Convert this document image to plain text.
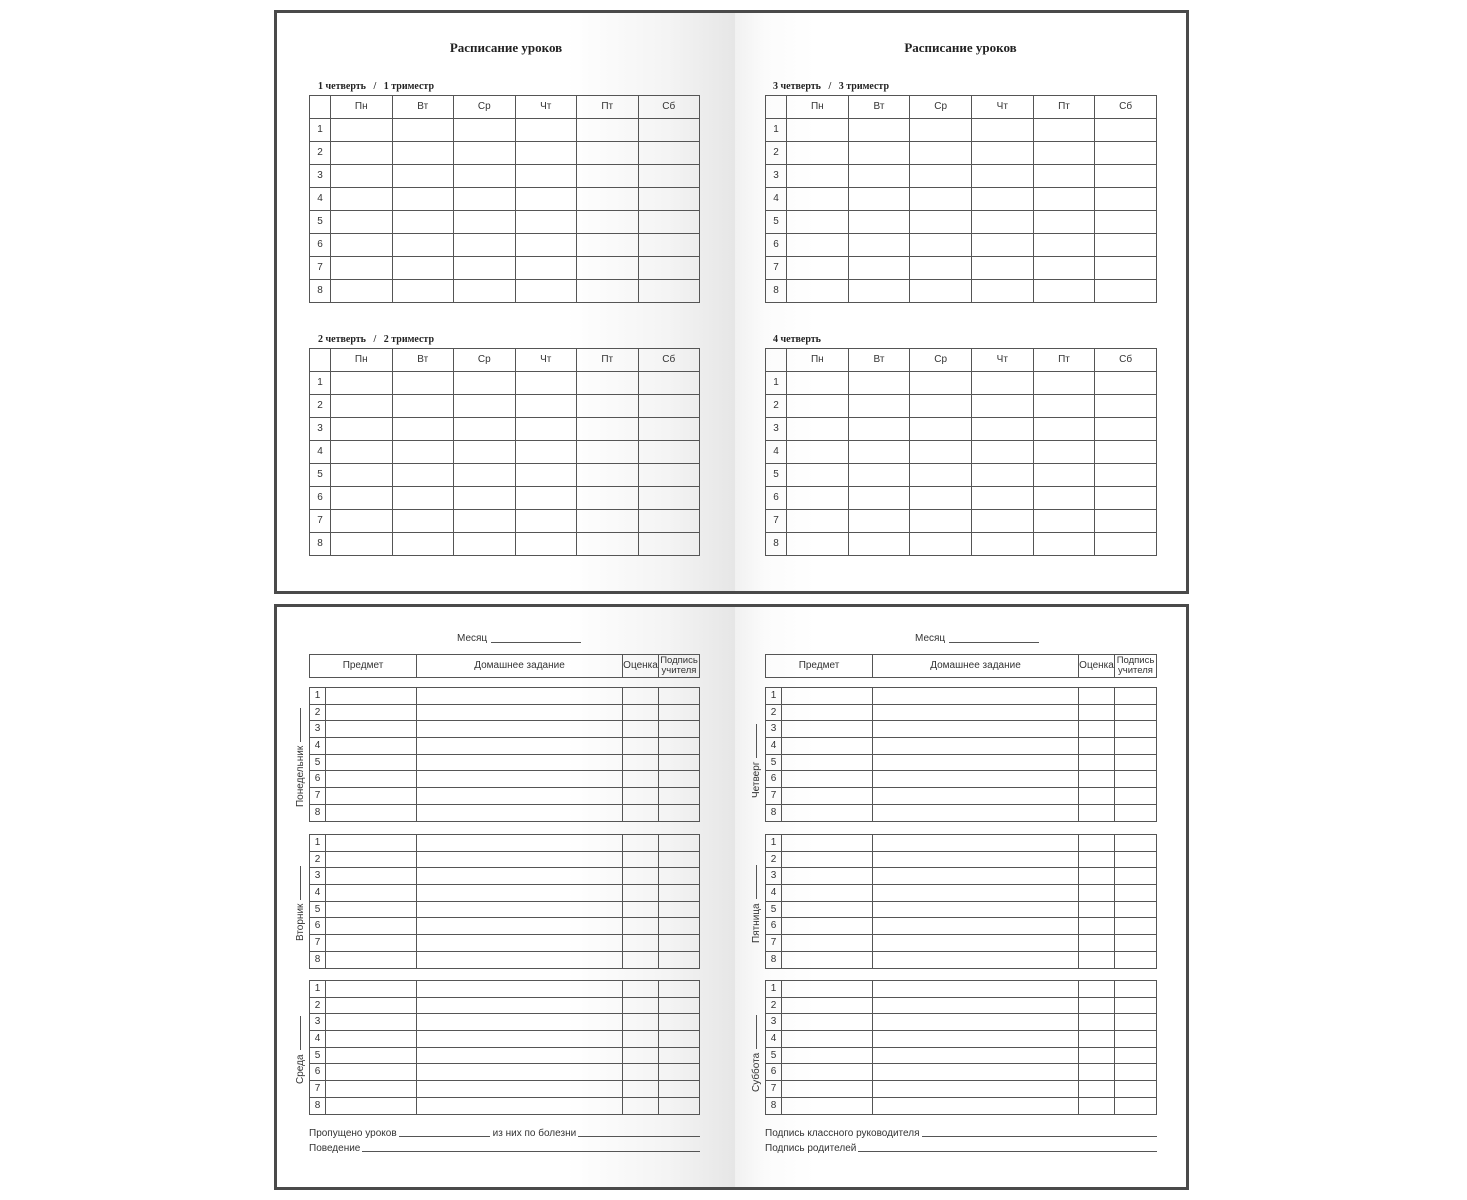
Расписание уроков
1 четверть   /   1 триместр
	Пн	Вт	Ср	Чт	Пт	Сб
1						
2						
3						
4						
5						
6						
7						
8						
2 четверть   /   2 триместр
	Пн	Вт	Ср	Чт	Пт	Сб
1						
2						
3						
4						
5						
6						
7						
8						
Расписание уроков
3 четверть   /   3 триместр
	Пн	Вт	Ср	Чт	Пт	Сб
1						
2						
3						
4						
5						
6						
7						
8						
4 четверть
	Пн	Вт	Ср	Чт	Пт	Сб
1						
2						
3						
4						
5						
6						
7						
8						
Месяц
Предмет	Домашнее задание	Оценка	Подпись
учителя
1				
2				
3				
4				
5				
6				
7				
8				
Понедельник
1				
2				
3				
4				
5				
6				
7				
8				
Вторник
1				
2				
3				
4				
5				
6				
7				
8				
Среда
Пропущено уроков	из них по болезни
Поведение
Месяц
Предмет	Домашнее задание	Оценка	Подпись
учителя
1				
2				
3				
4				
5				
6				
7				
8				
Четверг
1				
2				
3				
4				
5				
6				
7				
8				
Пятница
1				
2				
3				
4				
5				
6				
7				
8				
Суббота
Подпись классного руководителя
Подпись родителей
